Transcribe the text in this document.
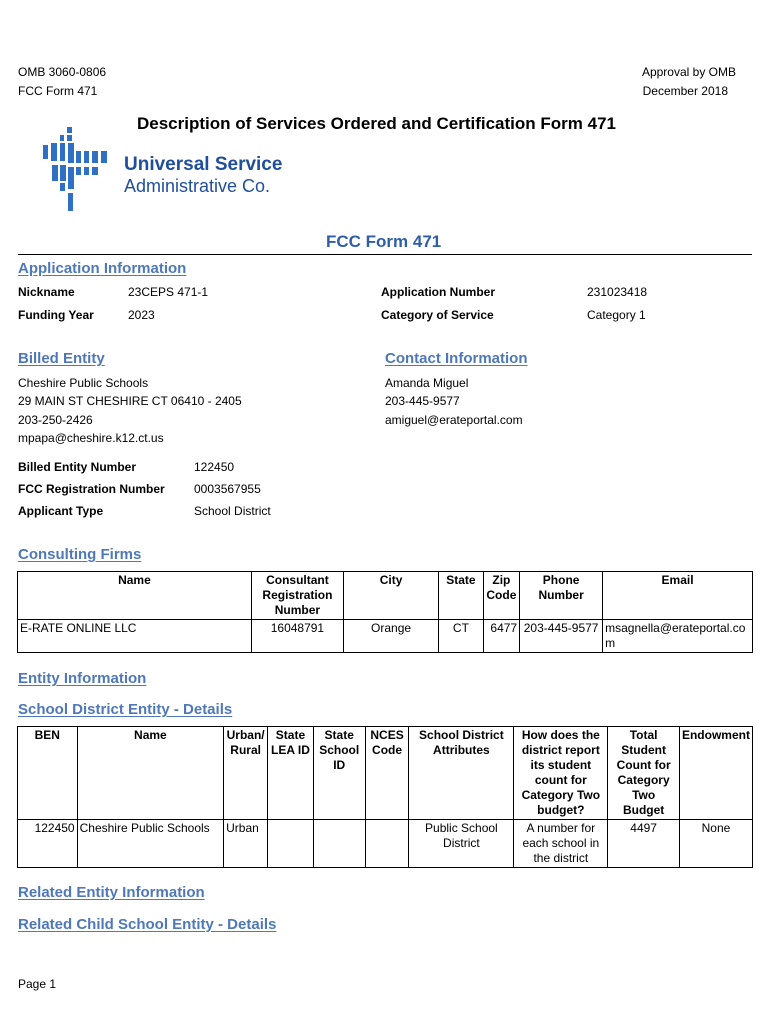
OMB 3060-0806
FCC Form 471
Approval by OMB
December 2018
Description of Services Ordered and Certification Form 471
Universal Service
Administrative Co.
FCC Form 471
Application Information
Nickname	23CEPS 471-1
Funding Year	2023
Application Number	231023418
Category of Service	Category 1
Billed Entity
Cheshire Public Schools
29 MAIN ST CHESHIRE CT 06410 - 2405
203-250-2426
mpapa@cheshire.k12.ct.us
Contact Information
Amanda Miguel
203-445-9577
amiguel@erateportal.com
Billed Entity Number	122450
FCC Registration Number 0003567955
Applicant Type	School District
Consulting Firms
Name	Consultant Registration Number	City	State	Zip Code	Phone Number	Email
E-RATE ONLINE LLC	16048791	Orange	CT	6477	203-445-9577	msagnella@erateportal.com
Entity Information
School District Entity - Details
BEN	Name	Urban/ Rural	State LEA ID	State School ID	NCES Code	School District Attributes	How does the district report its student count for Category Two budget?	Total Student Count for Category Two Budget	Endowment
122450	Cheshire Public Schools	Urban				Public School District	A number for each school in the district	4497	None
Related Entity Information
Related Child School Entity - Details
Page 1
